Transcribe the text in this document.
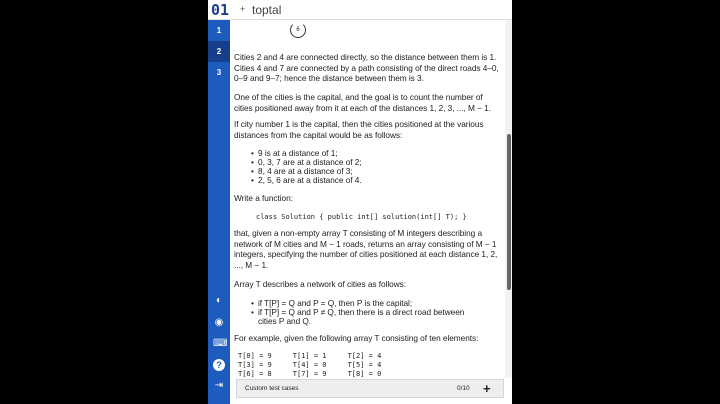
01 + toptal
1
2
3
◐
◉
⌨
?
⇥
6
Cities 2 and 4 are connected directly, so the distance between them is 1.
Cities 4 and 7 are connected by a path consisting of the direct roads 4–0,
0–9 and 9–7; hence the distance between them is 3.
One of the cities is the capital, and the goal is to count the number of
cities positioned away from it at each of the distances 1, 2, 3, ..., M − 1.
If city number 1 is the capital, then the cities positioned at the various
distances from the capital would be as follows:
• 9 is at a distance of 1;
• 0, 3, 7 are at a distance of 2;
• 8, 4 are at a distance of 3;
• 2, 5, 6 are at a distance of 4.
Write a function:
class Solution { public int[] solution(int[] T); }
that, given a non-empty array T consisting of M integers describing a
network of M cities and M − 1 roads, returns an array consisting of M − 1
integers, specifying the number of cities positioned at each distance 1, 2,
..., M − 1.
Array T describes a network of cities as follows:
• if T[P] = Q and P = Q, then P is the capital;
• if T[P] = Q and P ≠ Q, then there is a direct road between
cities P and Q.
For example, given the following array T consisting of ten elements:
T[0] = 9     T[1] = 1     T[2] = 4
T[3] = 9     T[4] = 0     T[5] = 4
T[6] = 8     T[7] = 9     T[8] = 0
Custom test cases	0/10 +
